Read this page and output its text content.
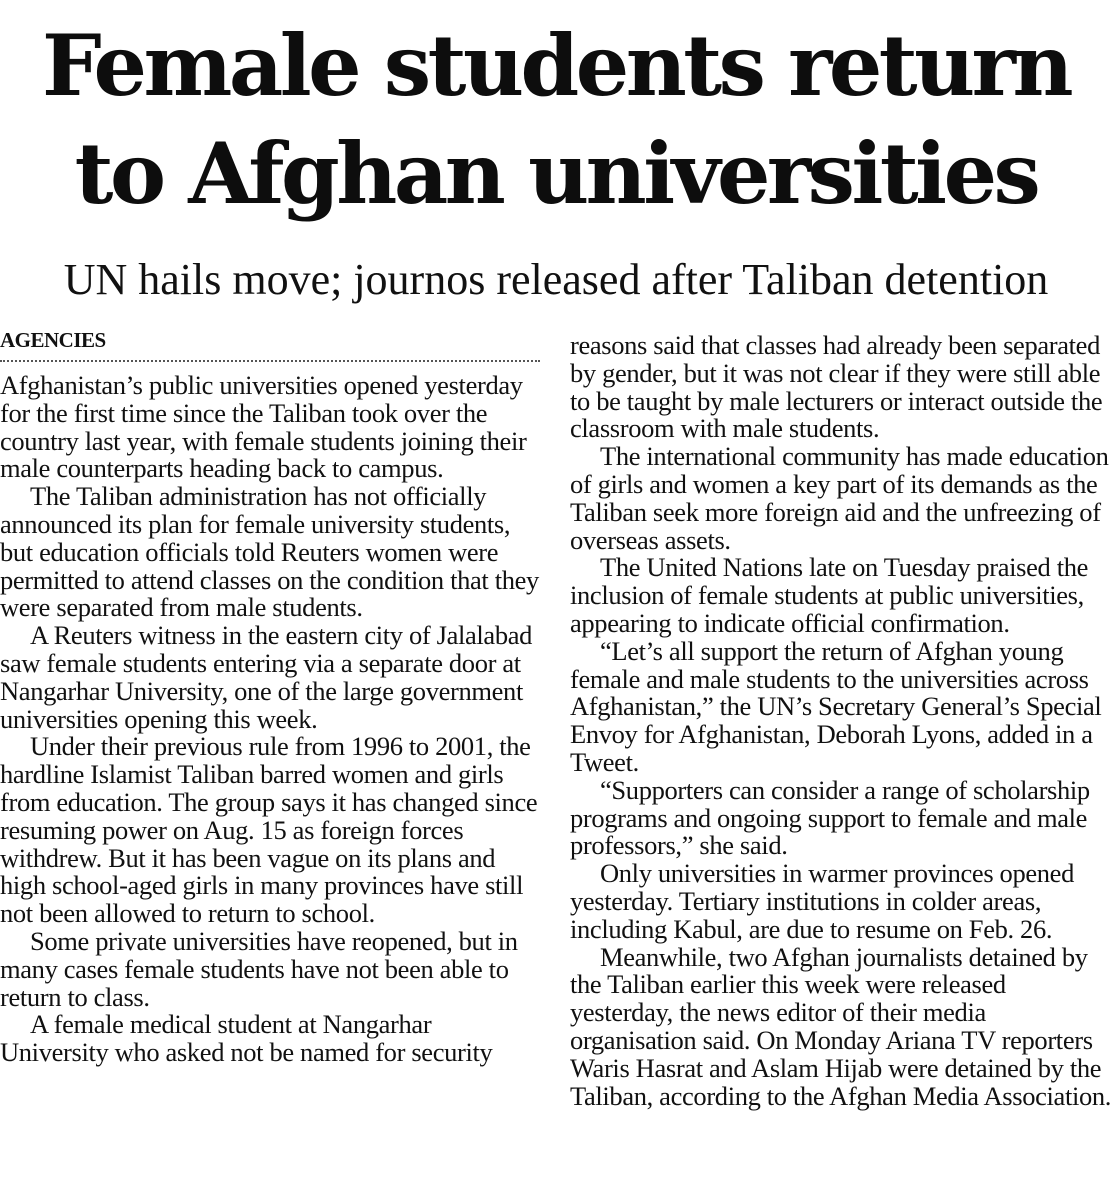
Female students return
to Afghan universities
UN hails move; journos released after Taliban detention
AGENCIES

Afghanistan’s public universities opened yesterday for the first time since the Taliban took over the country last year, with female students joining their male counterparts heading back to campus.

The Taliban administration has not officially announced its plan for female university students, but education officials told Reuters women were permitted to attend classes on the condition that they were separated from male students.

A Reuters witness in the eastern city of Jalalabad saw female students entering via a separate door at Nangarhar University, one of the large government universities opening this week.

Under their previous rule from 1996 to 2001, the hardline Islamist Taliban barred women and girls from education. The group says it has changed since resuming power on Aug. 15 as foreign forces withdrew. But it has been vague on its plans and high school-aged girls in many provinces have still not been allowed to return to school.

Some private universities have reopened, but in many cases female students have not been able to return to class.

A female medical student at Nangarhar University who asked not be named for security

reasons said that classes had already been separated by gender, but it was not clear if they were still able to be taught by male lecturers or interact outside the classroom with male students.

The international community has made education of girls and women a key part of its demands as the Taliban seek more foreign aid and the unfreezing of overseas assets.

The United Nations late on Tuesday praised the inclusion of female students at public universities, appearing to indicate official confirmation.

“Let’s all support the return of Afghan young female and male students to the universities across Afghanistan,” the UN’s Secretary General’s Special Envoy for Afghanistan, Deborah Lyons, added in a Tweet.

“Supporters can consider a range of scholarship programs and ongoing support to female and male professors,” she said.

Only universities in warmer provinces opened yesterday. Tertiary institutions in colder areas, including Kabul, are due to resume on Feb. 26.

Meanwhile, two Afghan journalists detained by the Taliban earlier this week were released yesterday, the news editor of their media organisation said. On Monday Ariana TV reporters Waris Hasrat and Aslam Hijab were detained by the Taliban, according to the Afghan Media Association.
